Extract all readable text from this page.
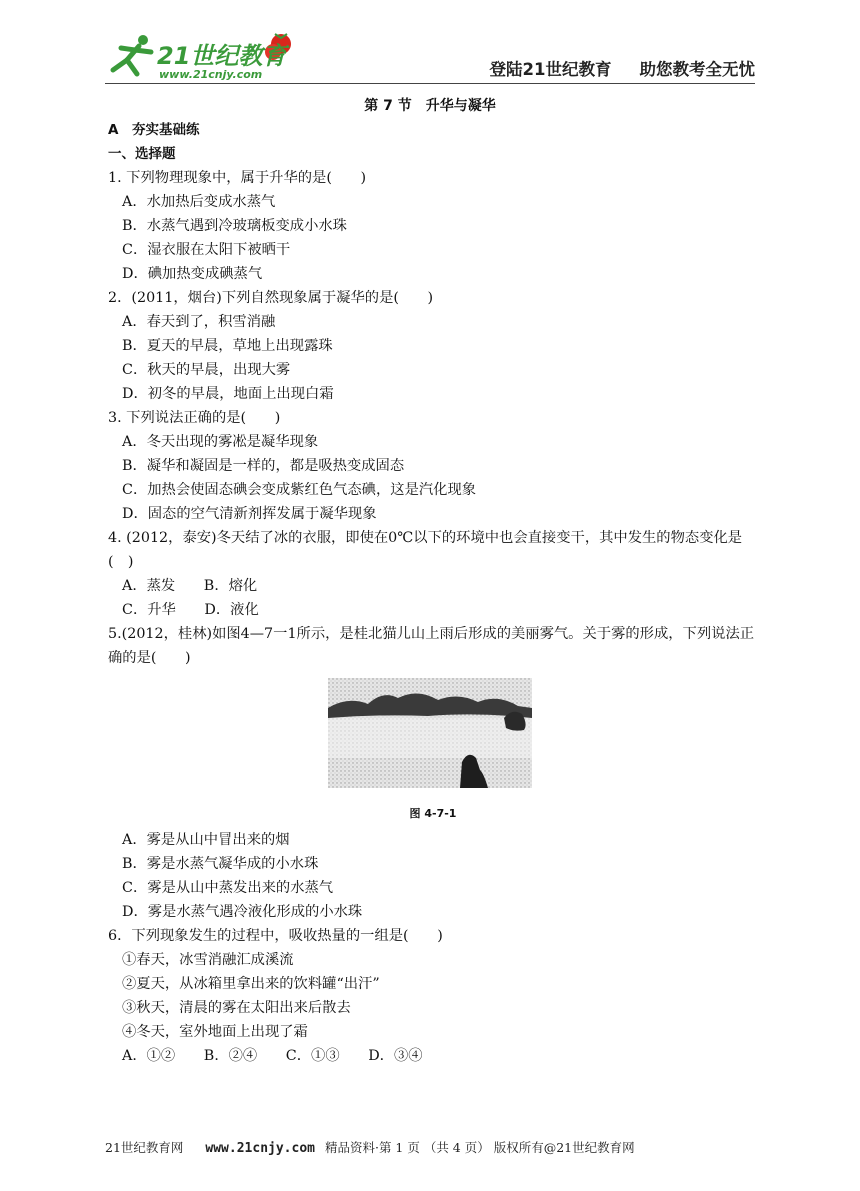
21世纪教育
www.21cnjy.com	登陆21世纪教育 助您教考全无忧
第 7 节　升华与凝华
A　夯实基础练
一、选择题
1. 下列物理现象中，属于升华的是(　　)
A．水加热后变成水蒸气
B．水蒸气遇到冷玻璃板变成小水珠
C．湿衣服在太阳下被晒干
D．碘加热变成碘蒸气
2．(2011，烟台)下列自然现象属于凝华的是(　　)
A．春天到了，积雪消融
B．夏天的早晨，草地上出现露珠
C．秋天的早晨，出现大雾
D．初冬的早晨，地面上出现白霜
3. 下列说法正确的是(　　)
A．冬天出现的雾凇是凝华现象
B．凝华和凝固是一样的，都是吸热变成固态
C．加热会使固态碘会变成紫红色气态碘，这是汽化现象
D．固态的空气清新剂挥发属于凝华现象
4. (2012，泰安)冬天结了冰的衣服，即使在0℃以下的环境中也会直接变干，其中发生的物态变化是(　)
A．蒸发　　B．熔化
C．升华　　D．液化
5.(2012，桂林)如图4—7一1所示，是桂北猫儿山上雨后形成的美丽雾气。关于雾的形成，下列说法正确的是(　　)
图 4-7-1
A．雾是从山中冒出来的烟
B．雾是水蒸气凝华成的小水珠
C．雾是从山中蒸发出来的水蒸气
D．雾是水蒸气遇冷液化形成的小水珠
6．下列现象发生的过程中，吸收热量的一组是(　　)
①春天，冰雪消融汇成溪流
②夏天，从冰箱里拿出来的饮料罐“出汗”
③秋天，清晨的雾在太阳出来后散去
④冬天，室外地面上出现了霜
A．①②　　B．②④　　C．①③　　D．③④
21世纪教育网 www.21cnjy.com 精品资料·第 1 页 （共 4 页） 版权所有@21世纪教育网
